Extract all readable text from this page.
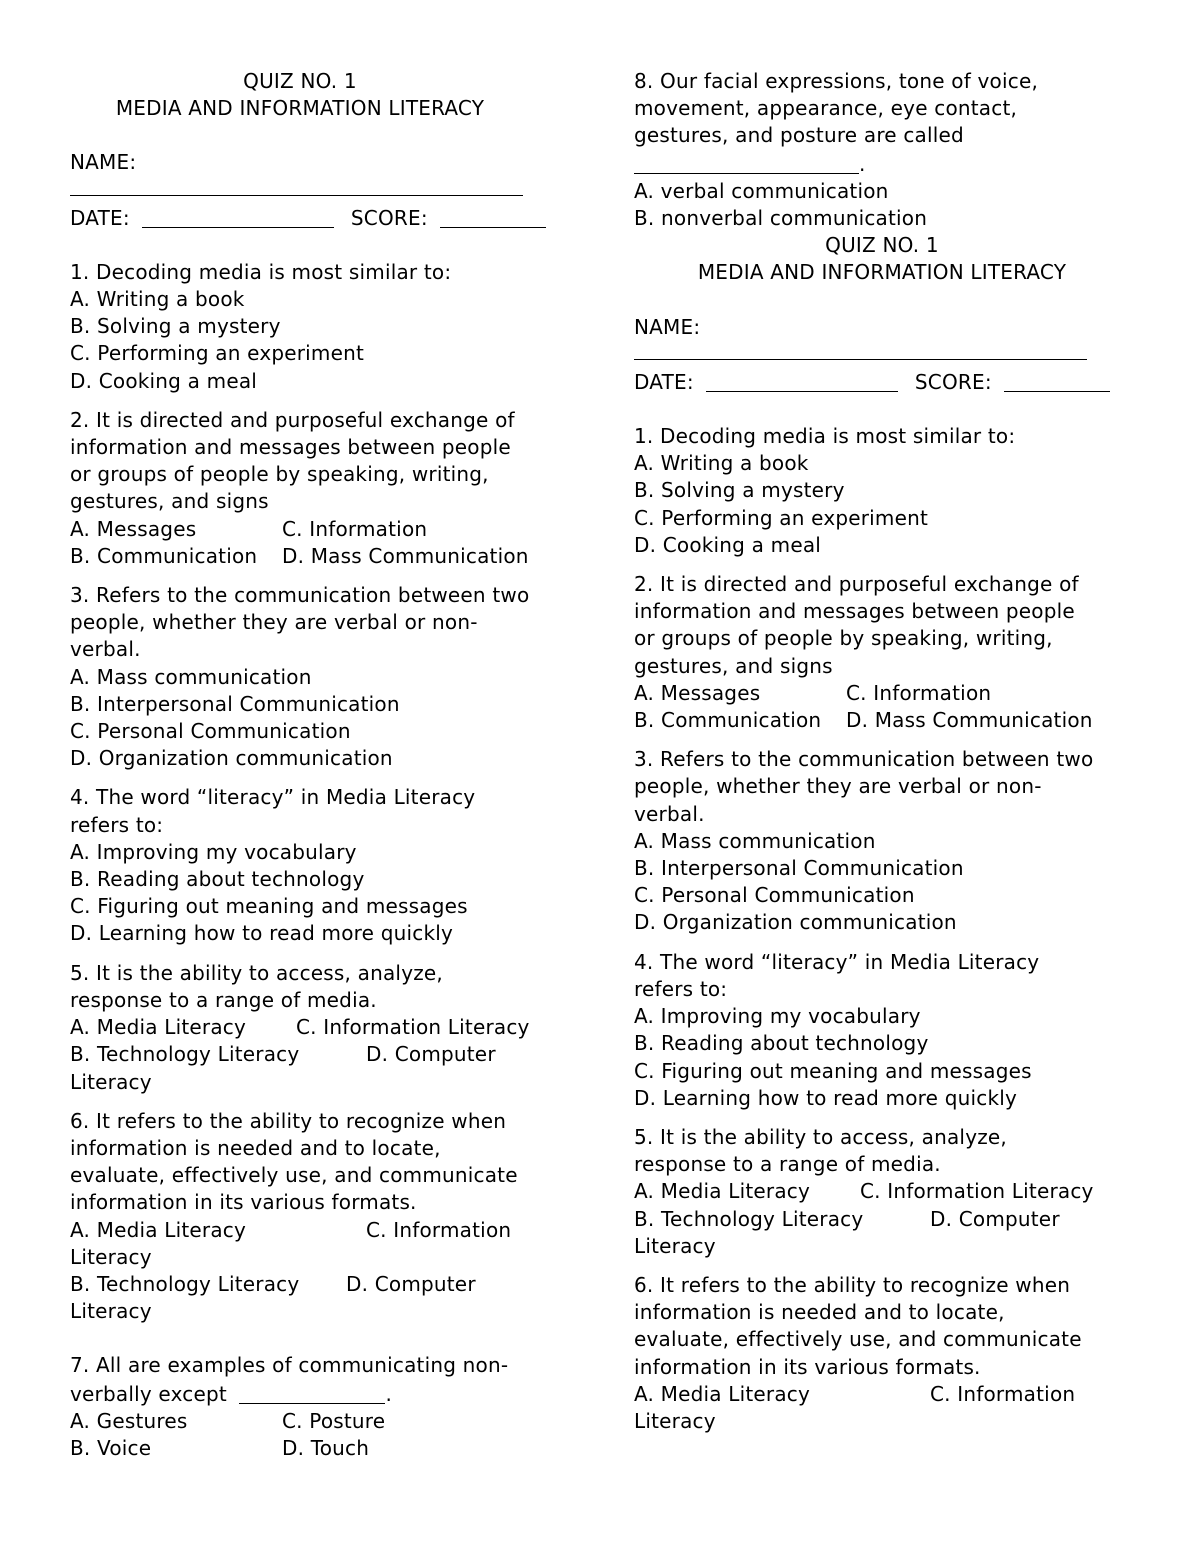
QUIZ NO. 1
MEDIA AND INFORMATION LITERACY
NAME:
DATE:	SCORE:
1. Decoding media is most similar to:
A. Writing a book
B. Solving a mystery
C. Performing an experiment
D. Cooking a meal
2. It is directed and purposeful exchange of
information and messages between people
or groups of people by speaking, writing,
gestures, and signs
A. Messages	C. Information
B. Communication D. Mass Communication
3. Refers to the communication between two
people, whether they are verbal or non-
verbal.
A. Mass communication
B. Interpersonal Communication
C. Personal Communication
D. Organization communication
4. The word “literacy” in Media Literacy
refers to:
A. Improving my vocabulary
B. Reading about technology
C. Figuring out meaning and messages
D. Learning how to read more quickly
5. It is the ability to access, analyze,
response to a range of media.
A. Media Literacy C. Information Literacy
B. Technology Literacy	D. Computer
Literacy
6. It refers to the ability to recognize when
information is needed and to locate,
evaluate, effectively use, and communicate
information in its various formats.
A. Media Literacy	C. Information
Literacy
B. Technology Literacy D. Computer
Literacy
7. All are examples of communicating non-
verbally except	.
A. Gestures	C. Posture
B. Voice	D. Touch
8. Our facial expressions, tone of voice,
movement, appearance, eye contact,
gestures, and posture are called
.
A. verbal communication
B. nonverbal communication
QUIZ NO. 1
MEDIA AND INFORMATION LITERACY
NAME:
DATE:	SCORE:
1. Decoding media is most similar to:
A. Writing a book
B. Solving a mystery
C. Performing an experiment
D. Cooking a meal
2. It is directed and purposeful exchange of
information and messages between people
or groups of people by speaking, writing,
gestures, and signs
A. Messages	C. Information
B. Communication D. Mass Communication
3. Refers to the communication between two
people, whether they are verbal or non-
verbal.
A. Mass communication
B. Interpersonal Communication
C. Personal Communication
D. Organization communication
4. The word “literacy” in Media Literacy
refers to:
A. Improving my vocabulary
B. Reading about technology
C. Figuring out meaning and messages
D. Learning how to read more quickly
5. It is the ability to access, analyze,
response to a range of media.
A. Media Literacy C. Information Literacy
B. Technology Literacy	D. Computer
Literacy
6. It refers to the ability to recognize when
information is needed and to locate,
evaluate, effectively use, and communicate
information in its various formats.
A. Media Literacy	C. Information
Literacy
